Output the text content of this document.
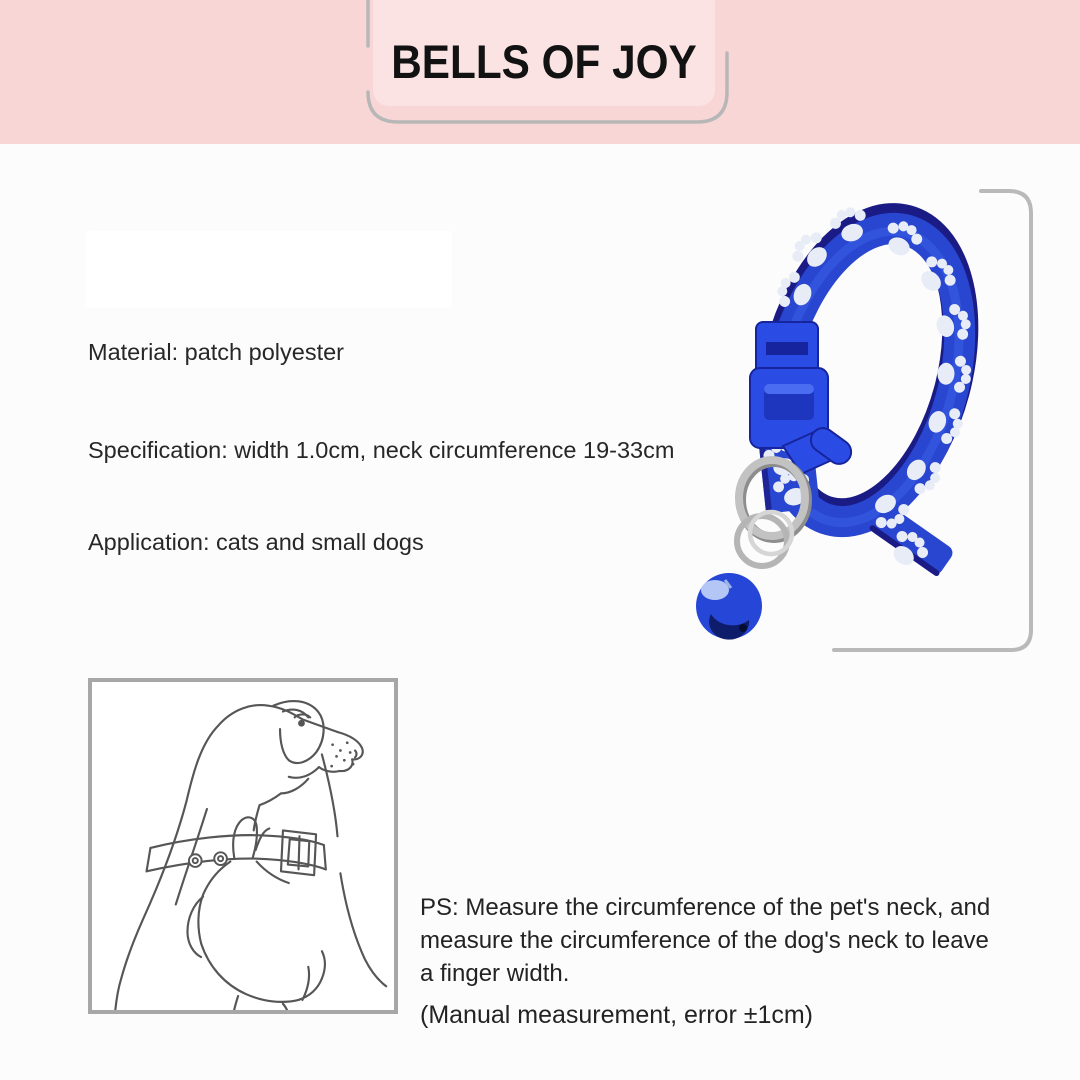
BELLS OF JOY
Material: patch polyester
Specification: width 1.0cm, neck circumference 19-33cm
Application: cats and small dogs
PS: Measure the circumference of the pet's neck, and
measure the circumference of the dog's neck to leave
a finger width.
(Manual measurement, error ±1cm)
